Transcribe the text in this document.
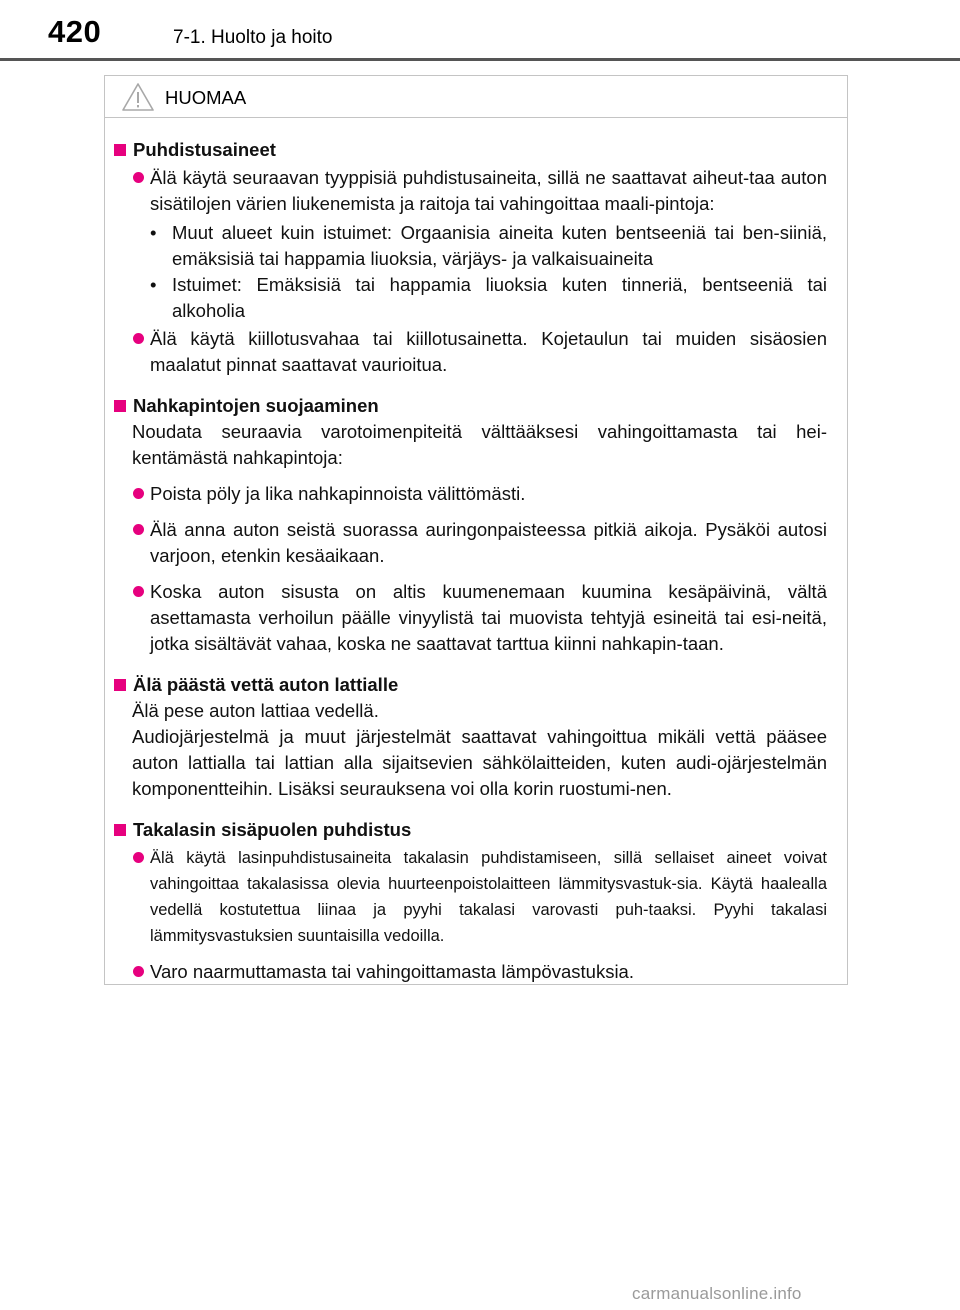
420	7-1. Huolto ja hoito
HUOMAA
Puhdistusaineet
Älä käytä seuraavan tyyppisiä puhdistusaineita, sillä ne saattavat aiheut-taa auton sisätilojen värien liukenemista ja raitoja tai vahingoittaa maali-pintoja:
• Muut alueet kuin istuimet: Orgaanisia aineita kuten bentseeniä tai ben-siiniä, emäksisiä tai happamia liuoksia, värjäys- ja valkaisuaineita
• Istuimet: Emäksisiä tai happamia liuoksia kuten tinneriä, bentseeniä tai alkoholia
Älä käytä kiillotusvahaa tai kiillotusainetta. Kojetaulun tai muiden sisäosien maalatut pinnat saattavat vaurioitua.
Nahkapintojen suojaaminen
Noudata seuraavia varotoimenpiteitä välttääksesi vahingoittamasta tai hei-kentämästä nahkapintoja:
Poista pöly ja lika nahkapinnoista välittömästi.
Älä anna auton seistä suorassa auringonpaisteessa pitkiä aikoja. Pysäköi autosi varjoon, etenkin kesäaikaan.
Koska auton sisusta on altis kuumenemaan kuumina kesäpäivinä, vältä asettamasta verhoilun päälle vinyylistä tai muovista tehtyjä esineitä tai esi-neitä, jotka sisältävät vahaa, koska ne saattavat tarttua kiinni nahkapin-taan.
Älä päästä vettä auton lattialle
Älä pese auton lattiaa vedellä.
Audiojärjestelmä ja muut järjestelmät saattavat vahingoittua mikäli vettä pääsee auton lattialla tai lattian alla sijaitsevien sähkölaitteiden, kuten audi-ojärjestelmän komponentteihin. Lisäksi seurauksena voi olla korin ruostumi-nen.
Takalasin sisäpuolen puhdistus
Älä käytä lasinpuhdistusaineita takalasin puhdistamiseen, sillä sellaiset aineet voivat vahingoittaa takalasissa olevia huurteenpoistolaitteen lämmitysvastuk-sia. Käytä haalealla vedellä kostutettua liinaa ja pyyhi takalasi varovasti puh-taaksi. Pyyhi takalasi lämmitysvastuksien suuntaisilla vedoilla.
Varo naarmuttamasta tai vahingoittamasta lämpövastuksia.
carmanualsonline.info
